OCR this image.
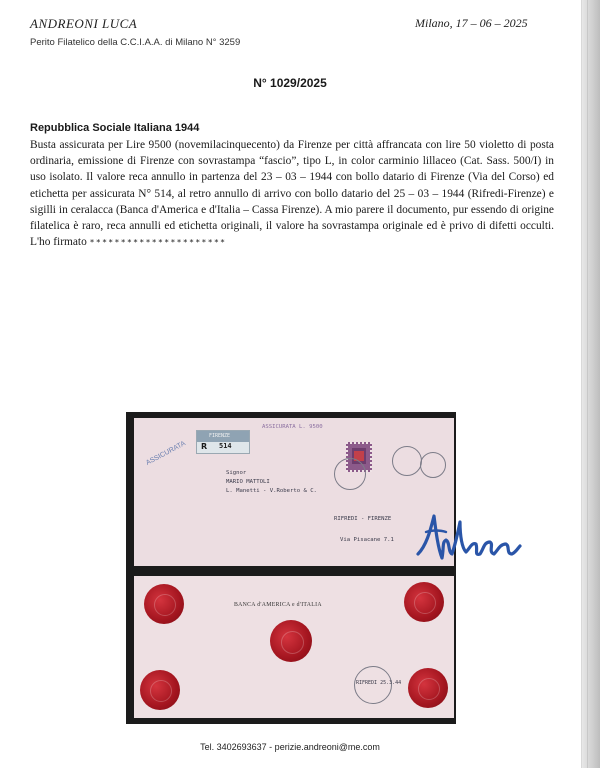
ANDREONI LUCA
Perito Filatelico della C.C.I.A.A. di Milano N° 3259
Milano, 17 – 06 – 2025
N° 1029/2025
Repubblica Sociale Italiana 1944
Busta assicurata per Lire 9500 (novemilacinquecento) da Firenze per città affrancata con lire 50 violetto di posta ordinaria, emissione di Firenze con sovrastampa “fascio”, tipo L, in color carminio lillaceo (Cat. Sass. 500/I) in uso isolato. Il valore reca annullo in partenza del 23 – 03 – 1944 con bollo datario di Firenze (Via del Corso) ed etichetta per assicurata N° 514, al retro annullo di arrivo con bollo datario del 25 – 03 – 1944 (Rifredi-Firenze) e sigilli in ceralacca (Banca d'America e d'Italia – Cassa Firenze). A mio parere il documento, pur essendo di origine filatelica è raro, reca annulli ed etichetta originali, il valore ha sovrastampa originale ed è privo di difetti occulti. L'ho firmato **********************
R
FIRENZE
514
ASSICURATA
ASSICURATA L. 9500
Signor
MARIO MATTOLI
L. Manetti - V.Roberto & C.
RIFREDI - FIRENZE
Via Pisacane 7.1
BANCA d'AMERICA e d'ITALIA
RIFREDI 25.3.44
Tel. 3402693637 - perizie.andreoni@me.com
